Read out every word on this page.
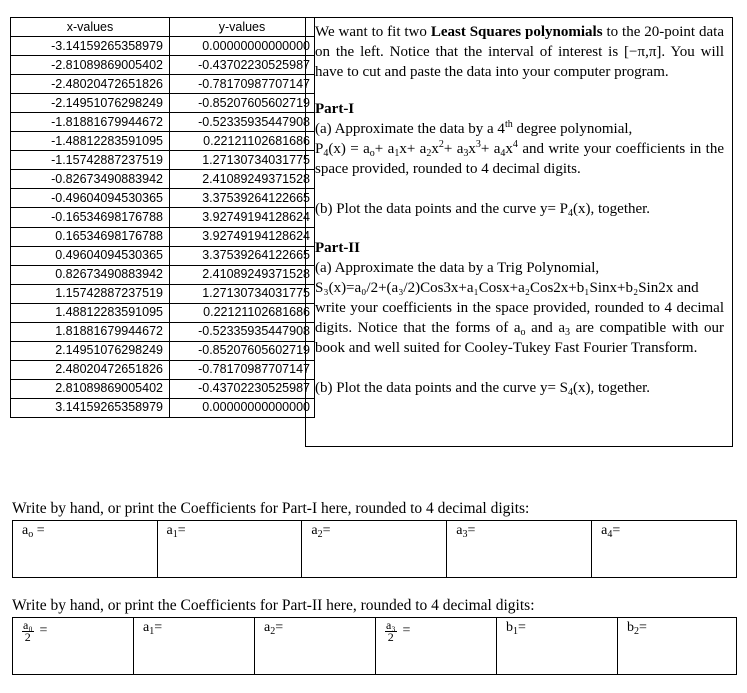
x-values	y-values
-3.14159265358979	0.00000000000000
-2.81089869005402	-0.43702230525987
-2.48020472651826	-0.78170987707147
-2.14951076298249	-0.85207605602719
-1.81881679944672	-0.52335935447908
-1.48812283591095	0.22121102681686
-1.15742887237519	1.27130734031775
-0.82673490883942	2.41089249371528
-0.49604094530365	3.37539264122665
-0.16534698176788	3.92749194128624
0.16534698176788	3.92749194128624
0.49604094530365	3.37539264122665
0.82673490883942	2.41089249371528
1.15742887237519	1.27130734031775
1.48812283591095	0.22121102681686
1.81881679944672	-0.52335935447908
2.14951076298249	-0.85207605602719
2.48020472651826	-0.78170987707147
2.81089869005402	-0.43702230525987
3.14159265358979	0.00000000000000

We want to fit two Least Squares polynomials to the 20-point data on the left. Notice that the interval of interest is [−π,π]. You will have to cut and paste the data into your computer program.

Part-I

(a) Approximate the data by a 4th degree polynomial,

$P_4(x) = a_o+ a_1x+ a_2x^2+ a_3x^3+ a_4x^4$ and write your coefficients in the space provided, rounded to 4 decimal digits.

(b) Plot the data points and the curve $y= P_4(x)$, together.

Part-II

(a) Approximate the data by a Trig Polynomial,

S₃(x)=a₀/2+(a₃/2)Cos3x+a₁Cosx+a₂Cos2x+b₁Sinx+b₂Sin2x and

write your coefficients in the space provided, rounded to 4 decimal digits. Notice that the forms of $a_o$ and $a_3$ are compatible with our book and well suited for Cooley-Tukey Fast Fourier Transform.

(b) Plot the data points and the curve $y= S_4(x)$, together.

Write by hand, or print the Coefficients for Part-I here, rounded to 4 decimal digits:
$a_o$ =	$a_1=$	$a_2=$	$a_3=$	$a_4=$
Write by hand, or print the Coefficients for Part-II here, rounded to 4 decimal digits:
$\frac{\text{a₀}}{2}$ =	$a_1=$	$a_2=$	$\frac{\text{a₃}}{2}$ =	$b_1=$	$b_2=$
